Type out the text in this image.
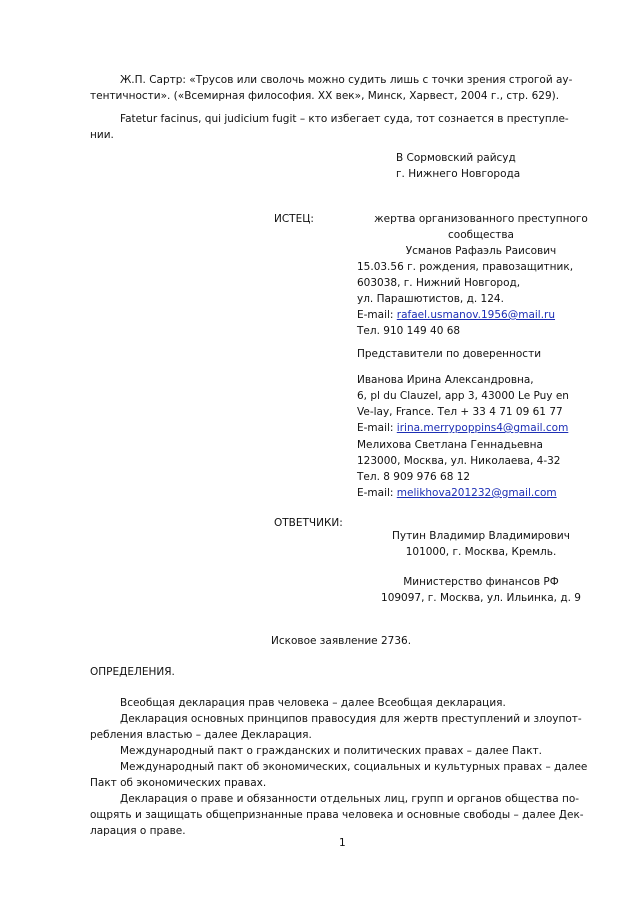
Ж.П. Сартр: «Трусов или сволочь можно судить лишь с точки зрения строгой ау-
тентичности». («Всемирная философия. XX век», Минск, Харвест, 2004 г., стр. 629).
Fatetur facinus, qui judicium fugit – кто избегает суда, тот сознается в преступле-
нии.
В Сормовский райсуд
г. Нижнего Новгорода
ИСТЕЦ:	жертва организованного преступного
сообщества
Усманов Рафаэль Раисович
15.03.56 г. рождения, правозащитник,
603038, г. Нижний Новгород,
ул. Парашютистов, д. 124.
E-mail: rafael.usmanov.1956@mail.ru
Тел. 910 149 40 68
Представители по доверенности
Иванова Ирина Александровна,
6, pl du Clauzel, app 3, 43000 Le Puy en
Ve-lay, France. Тел + 33 4 71 09 61 77
E-mail: irina.merrypoppins4@gmail.com
Мелихова Светлана Геннадьевна
123000, Москва, ул. Николаева, 4-32
Тел. 8 909 976 68 12
E-mail: melikhova201232@gmail.com
ОТВЕТЧИКИ:
Путин Владимир Владимирович
101000, г. Москва, Кремль.
Министерство финансов РФ
109097, г. Москва, ул. Ильинка, д. 9
Исковое заявление 2736.
ОПРЕДЕЛЕНИЯ.
Всеобщая декларация прав человека – далее Всеобщая декларация.
Декларация основных принципов правосудия для жертв преступлений и злоупот-
ребления властью – далее Декларация.
Международный пакт о гражданских и политических правах – далее Пакт.
Международный пакт об экономических, социальных и культурных правах – далее
Пакт об экономических правах.
Декларация о праве и обязанности отдельных лиц, групп и органов общества по-
ощрять и защищать общепризнанные права человека и основные свободы – далее Дек-
ларация о праве.
1
